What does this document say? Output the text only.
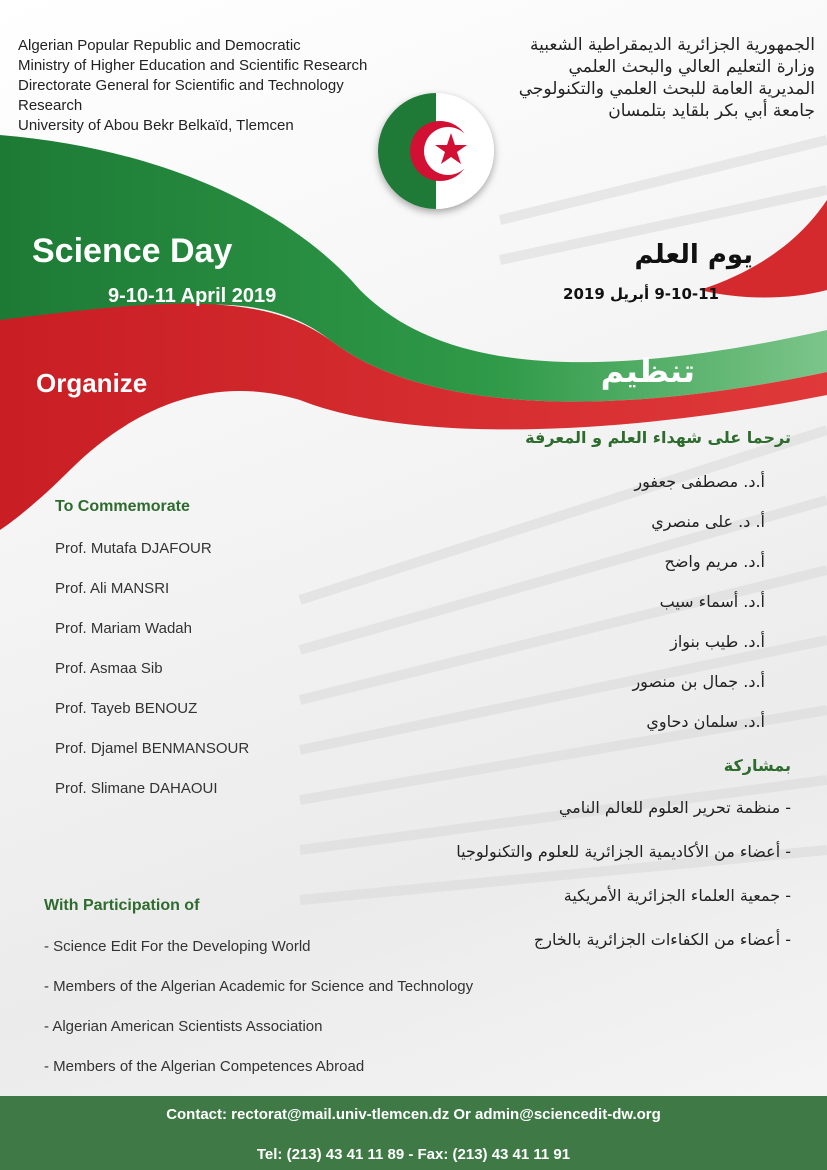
Algerian Popular Republic and Democratic
Ministry of Higher Education and Scientific Research
Directorate General for Scientific and Technology
Research
University of Abou Bekr Belkaïd, Tlemcen
الجمهورية الجزائرية الديمقراطية الشعبية
وزارة التعليم العالي والبحث العلمي
المديرية العامة للبحث العلمي والتكنولوجي
جامعة أبي بكر بلقايد بتلمسان
Science Day
9-10-11 April 2019
يوم العلم
9-10-11 أبريل 2019
Organize	تنظيم
ترحما على شهداء العلم و المعرفة
أ.د. مصطفى جعفور
أ. د. على منصري
أ.د. مريم واضح
أ.د. أسماء سيب
أ.د. طيب بنواز
أ.د. جمال بن منصور
أ.د. سلمان دحاوي
To Commemorate
Prof. Mutafa DJAFOUR
Prof. Ali MANSRI
Prof. Mariam Wadah
Prof. Asmaa Sib
Prof. Tayeb BENOUZ
Prof. Djamel BENMANSOUR
Prof. Slimane DAHAOUI
بمشاركة
- منظمة تحرير العلوم للعالم النامي
- أعضاء من الأكاديمية الجزائرية للعلوم والتكنولوجيا
- جمعية العلماء الجزائرية الأمريكية
- أعضاء من الكفاءات الجزائرية بالخارج
With Participation of
- Science Edit For the Developing World
- Members of the Algerian Academic for Science and Technology
- Algerian American Scientists Association
- Members of the Algerian Competences Abroad
Contact: rectorat@mail.univ-tlemcen.dz Or admin@sciencedit-dw.org
Tel: (213) 43 41 11 89 - Fax: (213) 43 41 11 91
